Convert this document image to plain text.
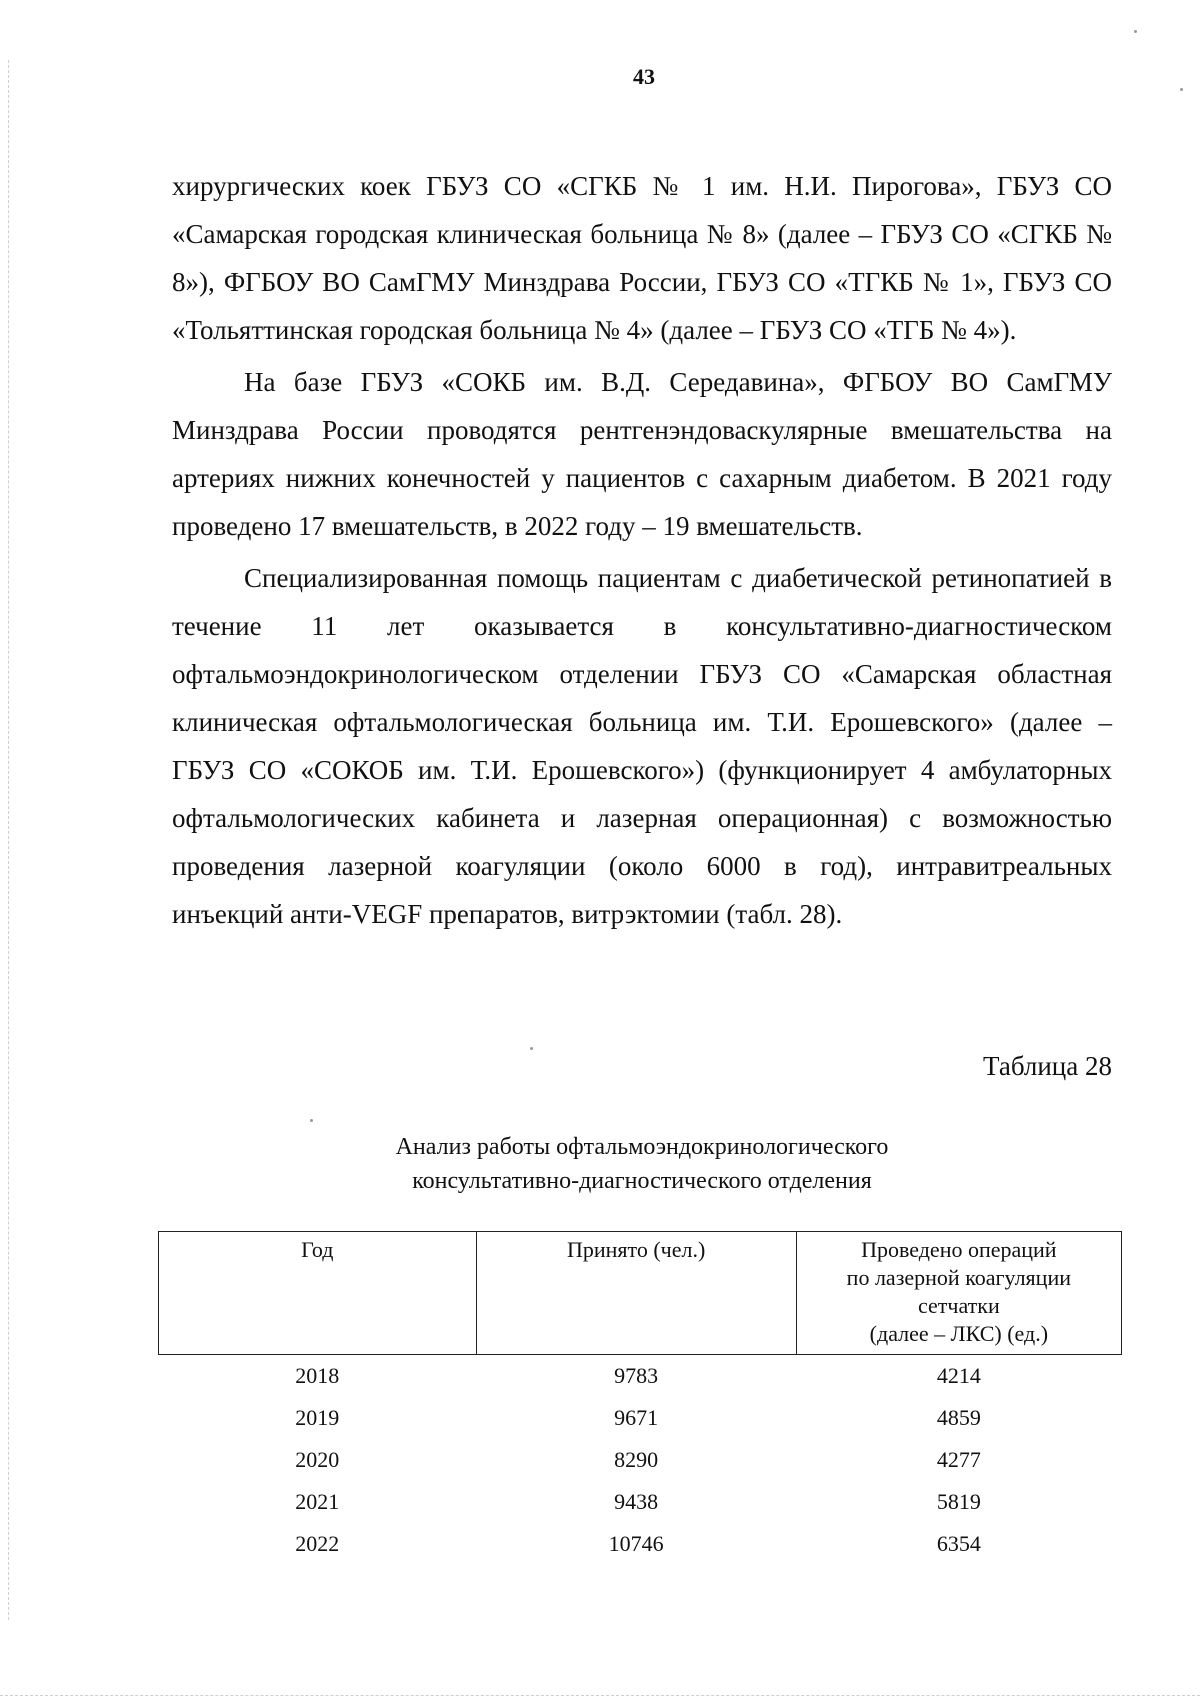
43

хирургических коек ГБУЗ СО «СГКБ № 1 им. Н.И. Пирогова», ГБУЗ СО «Самарская городская клиническая больница № 8» (далее – ГБУЗ СО «СГКБ № 8»), ФГБОУ ВО СамГМУ Минздрава России, ГБУЗ СО «ТГКБ № 1», ГБУЗ СО «Тольяттинская городская больница № 4» (далее – ГБУЗ СО «ТГБ № 4»).

На базе ГБУЗ «СОКБ им. В.Д. Середавина», ФГБОУ ВО СамГМУ Минздрава России проводятся рентгенэндоваскулярные вмешательства на артериях нижних конечностей у пациентов с сахарным диабетом. В 2021 году проведено 17 вмешательств, в 2022 году – 19 вмешательств.

Специализированная помощь пациентам с диабетической ретинопатией в течение 11 лет оказывается в консультативно-диагностическом офтальмоэндокринологическом отделении ГБУЗ СО «Самарская областная клиническая офтальмологическая больница им. Т.И. Ерошевского» (далее – ГБУЗ СО «СОКОБ им. Т.И. Ерошевского») (функционирует 4 амбулаторных офтальмологических кабинета и лазерная операционная) с возможностью проведения лазерной коагуляции (около 6000 в год), интравитреальных инъекций анти-VEGF препаратов, витрэктомии (табл. 28).

Таблица 28
Анализ работы офтальмоэндокринологического
консультативно-диагностического отделения
Год	Принято (чел.)	Проведено операций
по лазерной коагуляции
сетчатки
(далее – ЛКС) (ед.)

2018	9783	4214
2019	9671	4859
2020	8290	4277
2021	9438	5819
2022	10746	6354
